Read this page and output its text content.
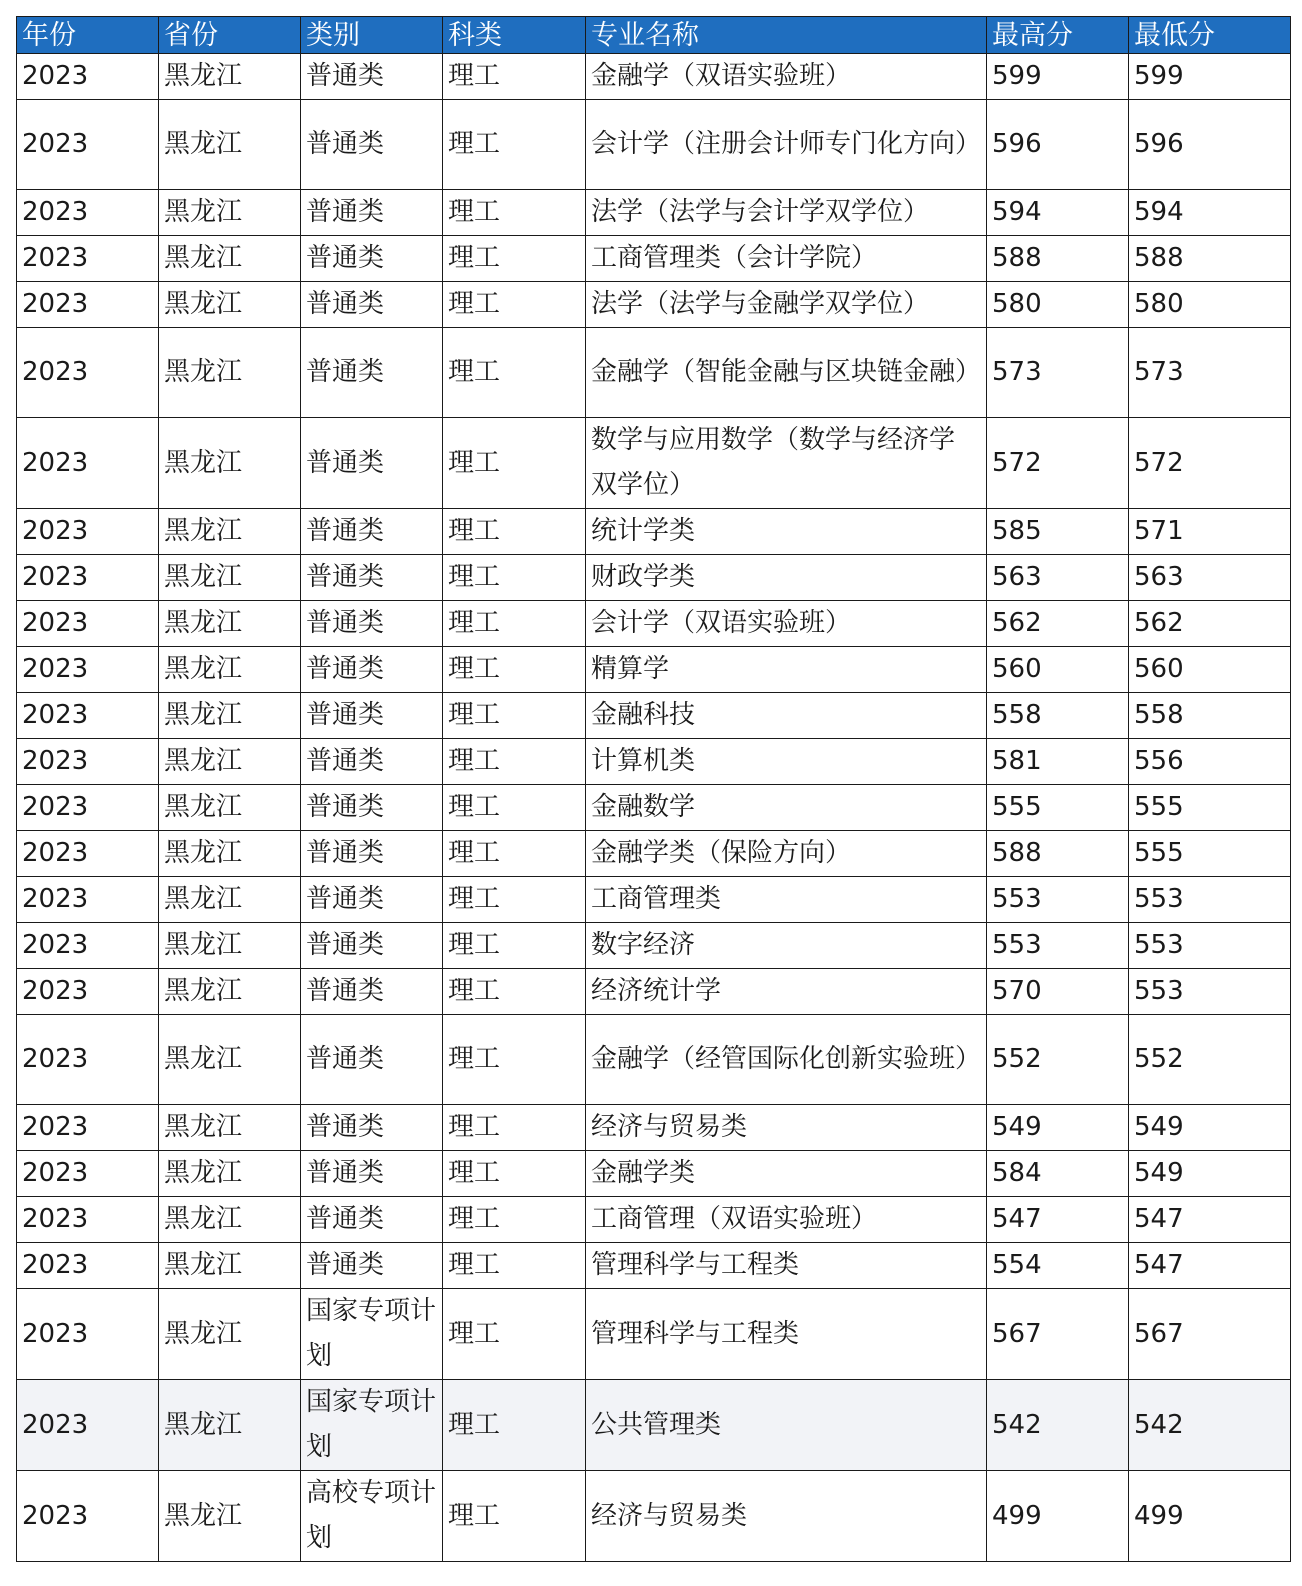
年份	省份	类别	科类	专业名称	最高分	最低分
2023	黑龙江	普通类	理工	金融学（双语实验班）	599	599
2023	黑龙江	普通类	理工	会计学（注册会计师专门化方向）	596	596
2023	黑龙江	普通类	理工	法学（法学与会计学双学位）	594	594
2023	黑龙江	普通类	理工	工商管理类（会计学院）	588	588
2023	黑龙江	普通类	理工	法学（法学与金融学双学位）	580	580
2023	黑龙江	普通类	理工	金融学（智能金融与区块链金融）	573	573
2023	黑龙江	普通类	理工	数学与应用数学（数学与经济学双学位）	572	572
2023	黑龙江	普通类	理工	统计学类	585	571
2023	黑龙江	普通类	理工	财政学类	563	563
2023	黑龙江	普通类	理工	会计学（双语实验班）	562	562
2023	黑龙江	普通类	理工	精算学	560	560
2023	黑龙江	普通类	理工	金融科技	558	558
2023	黑龙江	普通类	理工	计算机类	581	556
2023	黑龙江	普通类	理工	金融数学	555	555
2023	黑龙江	普通类	理工	金融学类（保险方向）	588	555
2023	黑龙江	普通类	理工	工商管理类	553	553
2023	黑龙江	普通类	理工	数字经济	553	553
2023	黑龙江	普通类	理工	经济统计学	570	553
2023	黑龙江	普通类	理工	金融学（经管国际化创新实验班）	552	552
2023	黑龙江	普通类	理工	经济与贸易类	549	549
2023	黑龙江	普通类	理工	金融学类	584	549
2023	黑龙江	普通类	理工	工商管理（双语实验班）	547	547
2023	黑龙江	普通类	理工	管理科学与工程类	554	547
2023	黑龙江	国家专项计划	理工	管理科学与工程类	567	567
2023	黑龙江	国家专项计划	理工	公共管理类	542	542
2023	黑龙江	高校专项计划	理工	经济与贸易类	499	499
